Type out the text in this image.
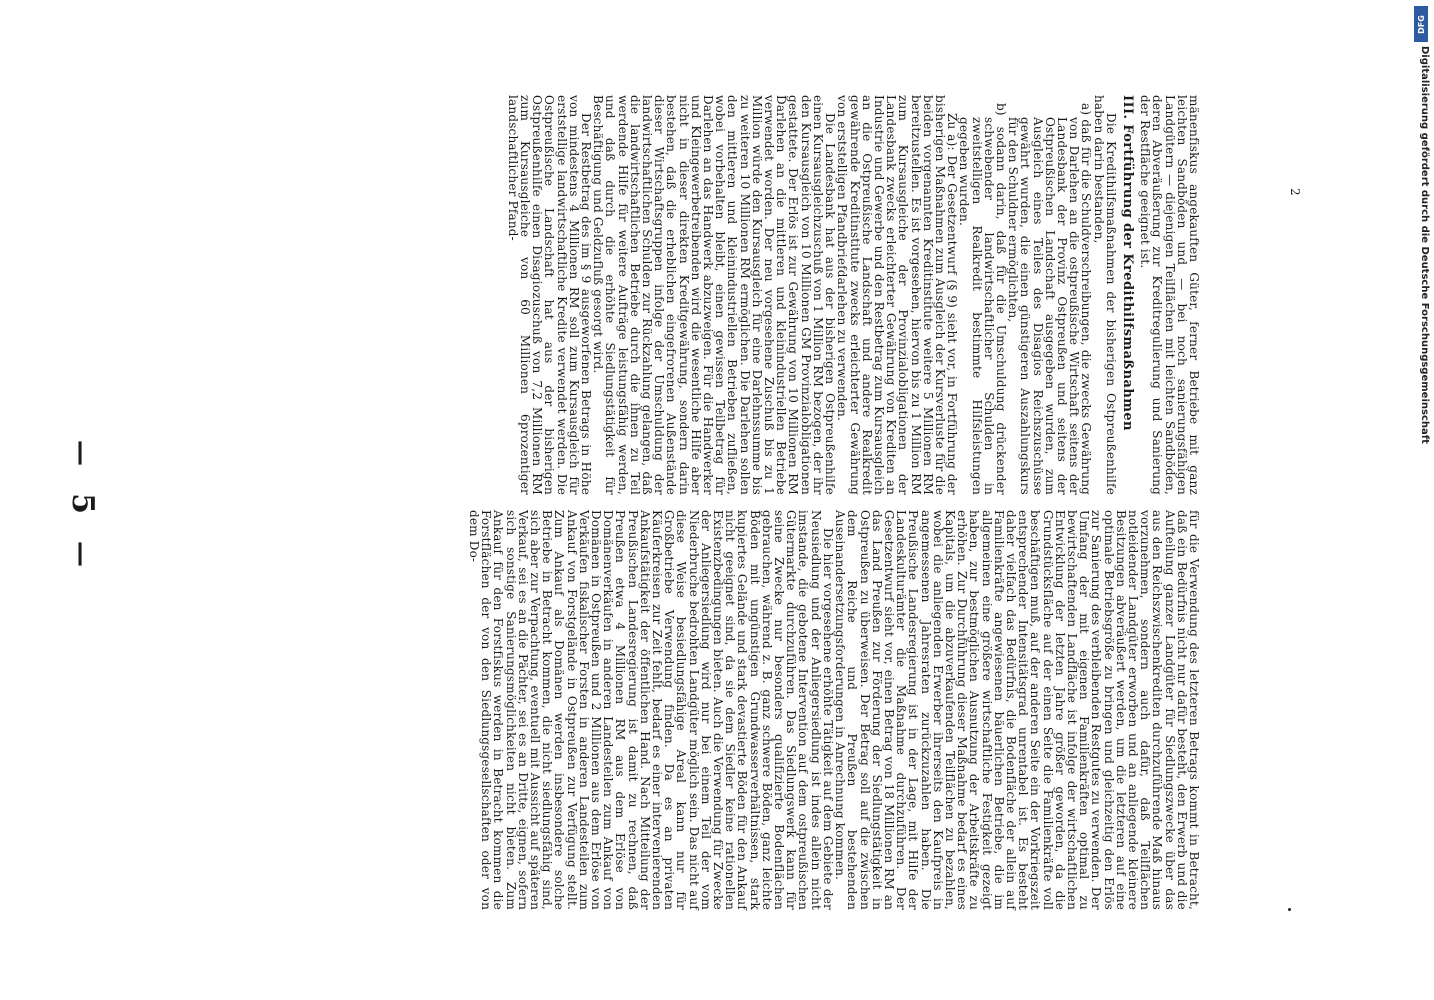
DFG
Digitalisierung gefördert durch die Deutsche Forschungsgemeinschaft
— 5 —

mänenfiskus angekauften Güter, ferner Betriebe mit ganz leichten Sandböden und — bei noch sanierungsfähigen Landgütern — diejenigen Teilflächen mit leichten Sandböden, deren Abveräußerung zur Kreditregulierung und Sanierung der Restfläche geeignet ist.

III. Fortführung der Kredithilfsmaßnahmen

Die Kredithilfsmaßnahmen der bisherigen Ostpreußenhilfe haben darin bestanden,

a) daß für die Schuldverschreibungen, die zwecks Gewährung von Darlehen an die ostpreußische Wirtschaft seitens der Landesbank der Provinz Ostpreußen und seitens der Ostpreußischen Landschaft ausgegeben wurden, zum Ausgleich eines Teiles des Disagios Reichszuschüsse gewährt wurden, die einen günstigeren Auszahlungskurs für den Schuldner ermöglichten,

b) sodann darin, daß für die Umschuldung drückender schwebender landwirtschaftlicher Schulden in zweitstelligen Realkredit bestimmte Hilfsleistungen gegeben wurden.

Zu a): Der Gesetzentwurf (§ 9) sieht vor, in Fortführung der bisherigen Maßnahmen zum Ausgleich der Kursverluste für die beiden vorgenannten Kreditinstitute weitere 5 Millionen RM bereitzustellen. Es ist vorgesehen, hiervon bis zu 1 Million RM zum Kursausgleiche der Provinzialobligationen der Landesbank zwecks erleichterter Gewährung von Krediten an Industrie und Gewerbe und den Restbetrag zum Kursausgleich an die Ostpreußische Landschaft und andere Realkredit gewährende Kreditinstitute zwecks erleichterter Gewährung von erststelligen Pfandbriefdarlehen zu verwenden.

Die Landesbank hat aus der bisherigen Ostpreußenhilfe einen Kursausgleichzuschuß von 1 Million RM bezogen, der ihr den Kursausgleich von 10 Millionen GM Provinzialobligationen gestattete. Der Erlös ist zur Gewährung von 10 Millionen RM Darlehen an die mittleren und kleinindustriellen Betriebe verwendet worden. Der neu vorgesehene Zuschuß bis zu 1 Million würde den Kursausgleich für eine Darlehnssumme bis zu weiteren 10 Millionen RM ermöglichen. Die Darlehen sollen den mittleren und kleinindustriellen Betrieben zufließen, wobei vorbehalten bleibt, einen gewissen Teilbetrag für Darlehen an das Handwerk abzuzweigen. Für die Handwerker und Kleingewerbetreibenden wird die wesentliche Hilfe aber nicht in dieser direkten Kreditgewährung, sondern darin bestehen, daß die erheblichen eingefrorenen Außenstände dieser Wirtschaftsgruppen infolge der Umschuldung der landwirtschaftlichen Schulden zur Rückzahlung gelangen, daß die landwirtschaftlichen Betriebe durch die ihnen zu Teil werdende Hilfe für weitere Aufträge leistungsfähig werden, und daß durch die erhöhte Siedlungstätigkeit für Beschäftigung und Geldzufluß gesorgt wird.

Der Restbetrag des im § 9 ausgeworfenen Betrags in Höhe von mindestens 4 Millionen RM soll zum Kursausgleich für erststellige landwirtschaftliche Kredite verwendet werden. Die Ostpreußische Landschaft hat aus der bisherigen Ostpreußenhilfe einen Disagiozuschuß von 7,2 Millionen RM zum Kursausgleiche von 60 Millionen 6prozentiger landschaftlicher Pfand-

für die Verwendung des letzteren Betrags kommt in Betracht, daß ein Bedürfnis nicht nur dafür besteht, den Erwerb und die Aufteilung ganzer Landgüter für Siedlungszwecke über das aus den Reichszwischenkrediten durchzuführende Maß hinaus vorzunehmen, sondern auch dafür, daß Teilflächen notleidender Landgüter erworben und an anliegende kleinere Besitzungen abveräußert werden, um die letzteren auf eine optimale Betriebsgröße zu bringen und gleichzeitig den Erlös zur Sanierung des verbleibenden Restgutes zu verwenden. Der Umfang der mit eigenen Familienkräften optimal zu bewirtschaftenden Landfläche ist infolge der wirtschaftlichen Entwicklung der letzten Jahre größer geworden, da die Grundstücksfläche auf der einen Seite die Familienkräfte voll beschäftigen muß, auf der anderen Seite ein der Vorkriegszeit entsprechender Intensitätsgrad unrentabel ist. Es besteht daher vielfach das Bedürfnis, die Bodenfläche der allein auf Familienkräfte angewiesenen bäuerlichen Betriebe, die im allgemeinen eine größere wirtschaftliche Festigkeit gezeigt haben, zur bestmöglichen Ausnutzung der Arbeitskräfte zu erhöhen. Zur Durchführung dieser Maßnahme bedarf es eines Kapitals, um die abzuverkaufenden Teilflächen zu bezahlen, wobei die anliegenden Erwerber ihrerseits den Kaufpreis in angemessenen Jahresraten zurückzuzahlen haben. Die Preußische Landesregierung ist in der Lage, mit Hilfe der Landeskulturämter die Maßnahme durchzuführen. Der Gesetzentwurf sieht vor, einen Betrag von 18 Millionen RM an das Land Preußen zur Förderung der Siedlungstätigkeit in Ostpreußen zu überweisen. Der Betrag soll auf die zwischen dem Reiche und Preußen bestehenden Auseinandersetzungsforderungen in Anrechnung kommen.

Die hier vorgesehene erhöhte Tätigkeit auf dem Gebiete der Neusiedlung und der Anliegersiedlung ist indes allein nicht imstande, die gebotene Intervention auf dem ostpreußischen Gütermarkte durchzuführen. Das Siedlungswerk kann für seine Zwecke nur besonders qualifizierte Bodenflächen gebrauchen, während z. B. ganz schwere Böden, ganz leichte Böden mit ungünstigen Grundwasserverhältnissen, stark kupiertes Gelände und stark devastierte Böden für den Ankauf nicht geeignet sind, da sie dem Siedler keine rationellen Existenzbedingungen bieten. Auch die Verwendung für Zwecke der Anliegersiedlung wird nur bei einem Teil der vom Niederbruche bedrohten Landgüter möglich sein. Das nicht auf diese Weise besiedlungsfähige Areal kann nur für Großbetriebe Verwendung finden. Da es an privaten Käuferkreisen zur Zeit fehlt, bedarf es einer intervenierenden Ankaufstätigkeit der öffentlichen Hand. Nach Mitteilung der Preußischen Landesregierung ist damit zu rechnen, daß Preußen etwa 4 Millionen RM aus dem Erlöse von Domänenverkäufen in anderen Landesteilen zum Ankauf von Domänen in Ostpreußen und 2 Millionen aus dem Erlöse von Verkäufen fiskalischer Forsten in anderen Landesteilen zum Ankauf von Forstgelände in Ostpreußen zur Verfügung stellt. Zum Ankauf als Domänen werden insbesondere solche Betriebe in Betracht kommen, die nicht siedlungsfähig sind, sich aber zur Verpachtung, eventuell mit Aussicht auf späteren Verkauf, sei es an die Pächter, sei es an Dritte, eignen, sofern sich sonstige Sanierungsmöglichkeiten nicht bieten. Zum Ankauf für den Forstfiskus werden in Betracht kommen die Forstflächen der von den Siedlungsgesellschaften oder von dem Do-

2
